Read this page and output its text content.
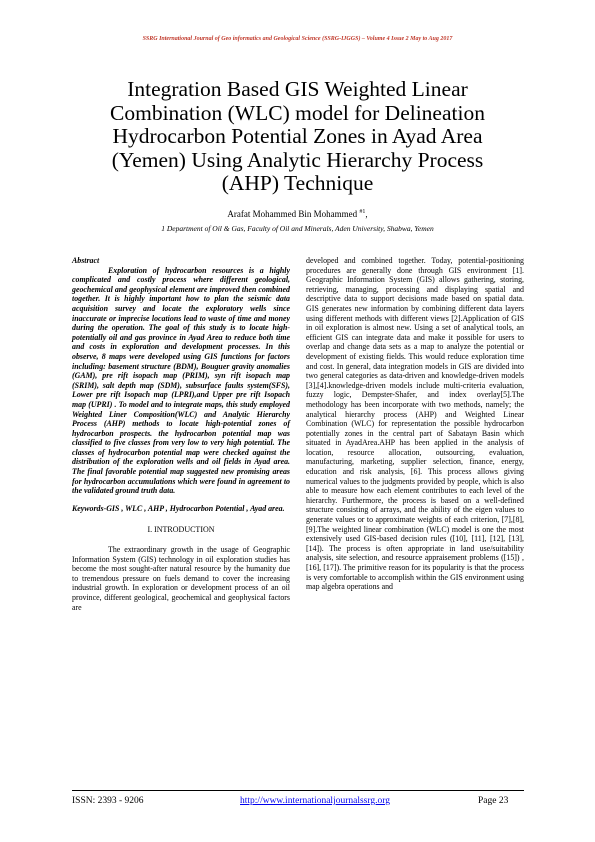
SSRG International Journal of Geo informatics and Geological Science (SSRG-IJGGS) – Volume 4 Issue 2 May to Aug 2017
Integration Based GIS Weighted Linear
Combination (WLC) model for Delineation
Hydrocarbon Potential Zones in Ayad Area
(Yemen) Using Analytic Hierarchy Process
(AHP) Technique
Arafat Mohammed Bin Mohammed $^{\#1}$,
1 Department of Oil & Gas, Faculty of Oil and Minerals, Aden University, Shabwa, Yemen

Abstract

Exploration of hydrocarbon resources is a highly complicated and costly process where different geological, geochemical and geophysical element are improved then combined together. It is highly important how to plan the seismic data acquisition survey and locate the exploratory wells since inaccurate or imprecise locations lead to waste of time and money during the operation. The goal of this study is to locate high-potentially oil and gas province in Ayad Area to reduce both time and costs in exploration and development processes. In this observe, 8 maps were developed using GIS functions for factors including: basement structure (BDM), Bouguer gravity anomalies (GAM), pre rift isopach map (PRIM), syn rift isopach map (SRIM), salt depth map (SDM), subsurface faults system(SFS), Lower pre rift Isopach map (LPRI),and Upper pre rift Isopach map (UPRI) . To model and to integrate maps, this study employed Weighted Liner Composition(WLC) and Analytic Hierarchy Process (AHP) methods to locate high-potential zones of hydrocarbon prospects. the hydrocarbon potential map was classified to five classes from very low to very high potential. The classes of hydrocarbon potential map were checked against the distribution of the exploration wells and oil fields in Ayad area. The final favorable potential map suggested new promising areas for hydrocarbon accumulations which were found in agreement to the validated ground truth data.

Keywords-GIS , WLC , AHP , Hydrocarbon Potential , Ayad area.

I. INTRODUCTION

The extraordinary growth in the usage of Geographic Information System (GIS) technology in oil exploration studies has become the most sought-after natural resource by the humanity due to tremendous pressure on fuels demand to cover the increasing industrial growth. In exploration or development process of an oil province, different geological, geochemical and geophysical factors are

developed and combined together. Today, potential-positioning procedures are generally done through GIS environment [1]. Geographic Information System (GIS) allows gathering, storing, retrieving, managing, processing and displaying spatial and descriptive data to support decisions made based on spatial data. GIS generates new information by combining different data layers using different methods with different views [2].Application of GIS in oil exploration is almost new. Using a set of analytical tools, an efficient GIS can integrate data and make it possible for users to overlap and change data sets as a map to analyze the potential or development of existing fields. This would reduce exploration time and cost. In general, data integration models in GIS are divided into two general categories as data-driven and knowledge-driven models [3],[4].knowledge-driven models include multi-criteria evaluation, fuzzy logic, Dempster-Shafer, and index overlay[5].The methodology has been incorporate with two methods, namely; the analytical hierarchy process (AHP) and Weighted Linear Combination (WLC) for representation the possible hydrocarbon potentially zones in the central part of Sabatayn Basin which situated in AyadArea.AHP has been applied in the analysis of location, resource allocation, outsourcing, evaluation, manufacturing, marketing, supplier selection, finance, energy, education and risk analysis, [6]. This process allows giving numerical values to the judgments provided by people, which is also able to measure how each element contributes to each level of the hierarchy. Furthermore, the process is based on a well-defined structure consisting of arrays, and the ability of the eigen values to generate values or to approximate weights of each criterion, [7],[8],[9].The weighted linear combination (WLC) model is one the most extensively used GIS-based decision rules ([10], [11], [12], [13], [14]). The process is often appropriate in land use/suitability analysis, site selection, and resource appraisement problems ([15]) ,[16], [17]). The primitive reason for its popularity is that the process is very comfortable to accomplish within the GIS environment using map algebra operations and

ISSN: 2393 - 9206	http://www.internationaljournalssrg.org	Page 23
